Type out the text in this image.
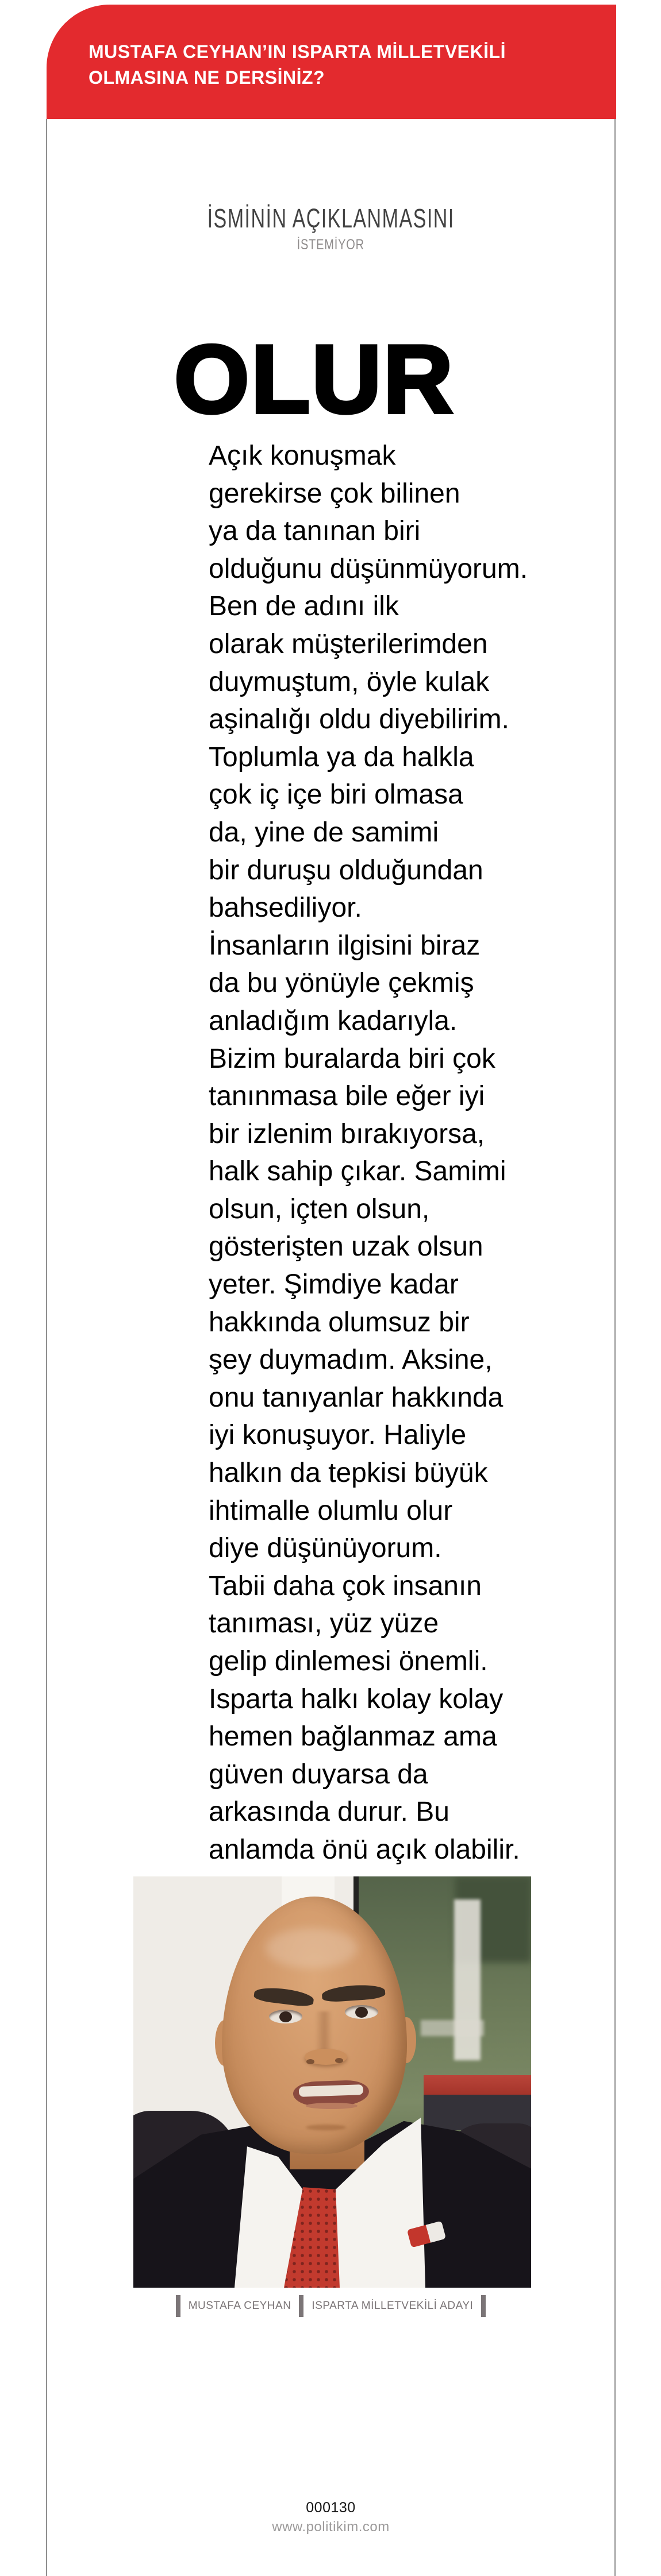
MUSTAFA CEYHAN’IN ISPARTA MİLLETVEKİLİ
OLMASINA NE DERSİNİZ?
İSMİNİN AÇIKLANMASINI
İSTEMİYOR
OLUR
Açık konuşmak
gerekirse çok bilinen
ya da tanınan biri
olduğunu düşünmüyorum.
Ben de adını ilk
olarak müşterilerimden
duymuştum, öyle kulak
aşinalığı oldu diyebilirim.
Toplumla ya da halkla
çok iç içe biri olmasa
da, yine de samimi
bir duruşu olduğundan
bahsediliyor.
İnsanların ilgisini biraz
da bu yönüyle çekmiş
anladığım kadarıyla.
Bizim buralarda biri çok
tanınmasa bile eğer iyi
bir izlenim bırakıyorsa,
halk sahip çıkar. Samimi
olsun, içten olsun,
gösterişten uzak olsun
yeter. Şimdiye kadar
hakkında olumsuz bir
şey duymadım. Aksine,
onu tanıyanlar hakkında
iyi konuşuyor. Haliyle
halkın da tepkisi büyük
ihtimalle olumlu olur
diye düşünüyorum.
Tabii daha çok insanın
tanıması, yüz yüze
gelip dinlemesi önemli.
Isparta halkı kolay kolay
hemen bağlanmaz ama
güven duyarsa da
arkasında durur. Bu
anlamda önü açık olabilir.
MUSTAFA CEYHAN ISPARTA MİLLETVEKİLİ ADAYI
000130
www.politikim.com
